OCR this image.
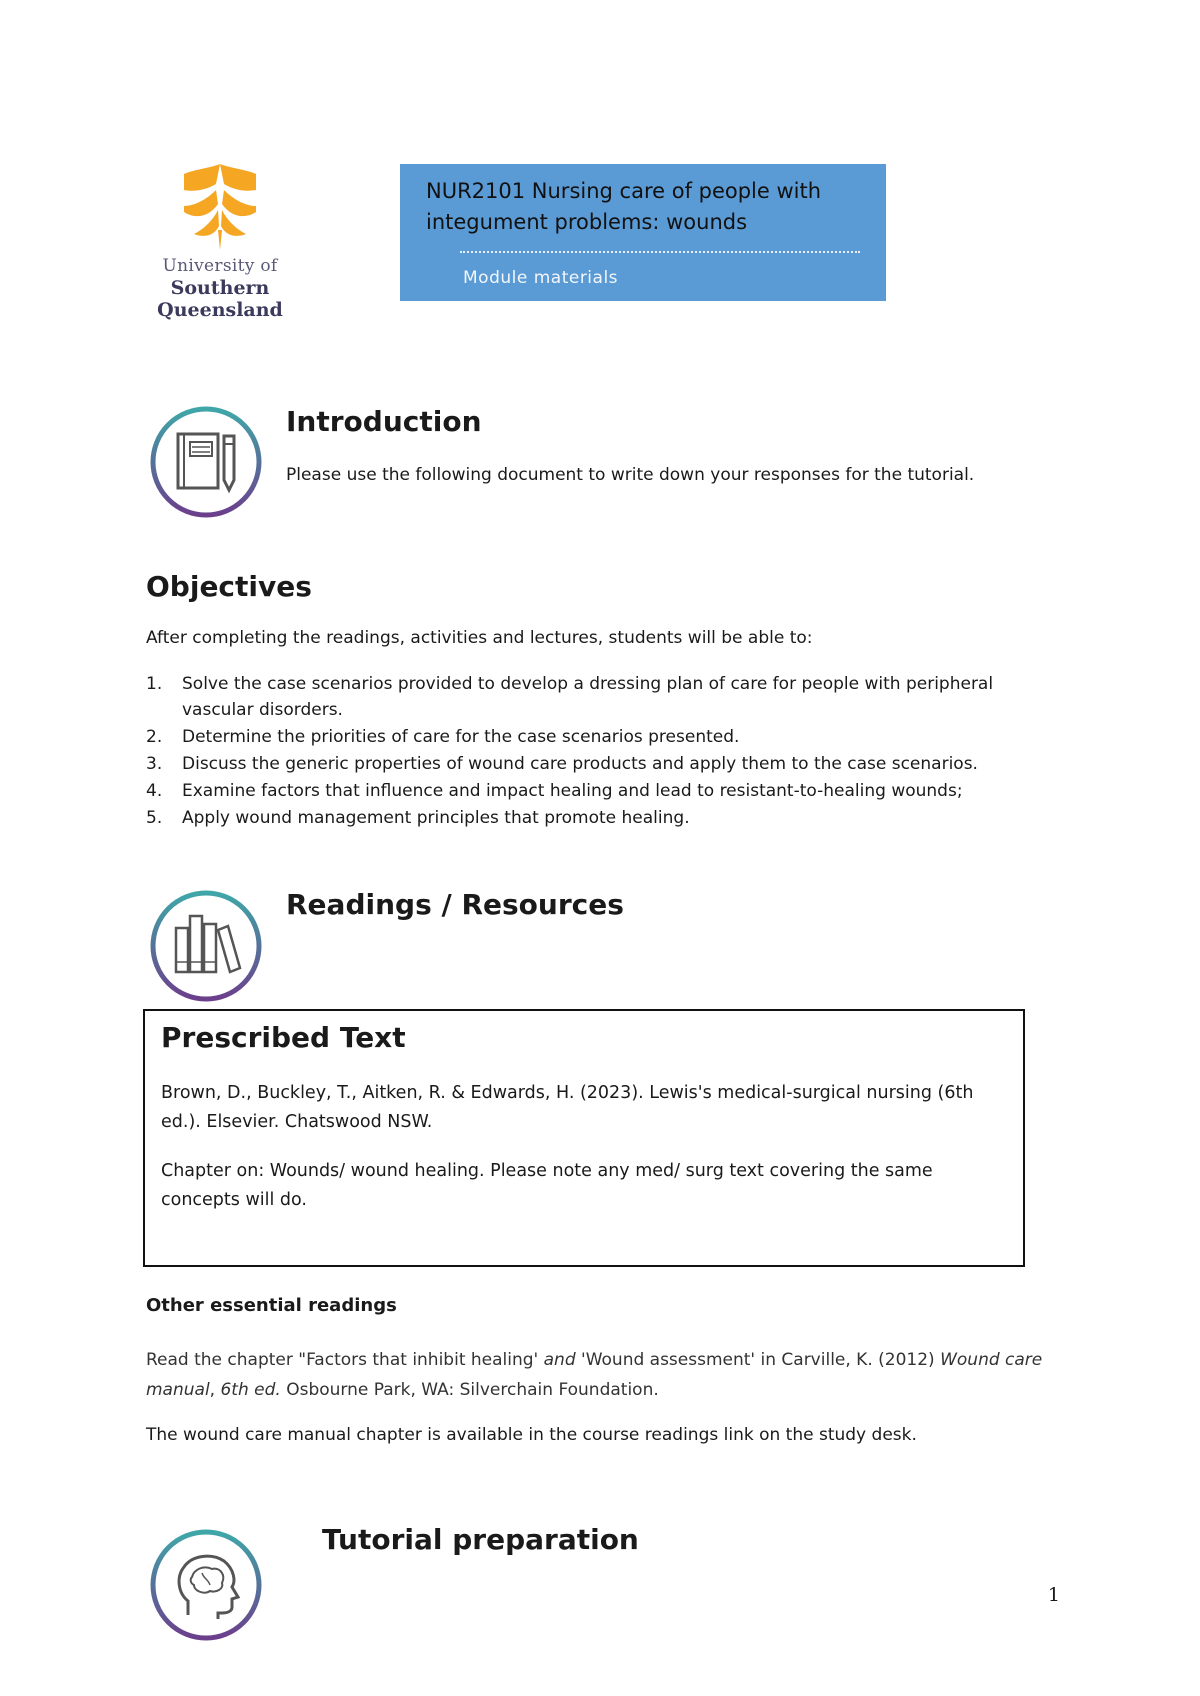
University of
Southern
Queensland
NUR2101 Nursing care of people with integument problems: wounds
Module materials
Introduction
Please use the following document to write down your responses for the tutorial.
Objectives
After completing the readings, activities and lectures, students will be able to:
1. Solve the case scenarios provided to develop a dressing plan of care for people with peripheral vascular disorders.
2. Determine the priorities of care for the case scenarios presented.
3. Discuss the generic properties of wound care products and apply them to the case scenarios.
4. Examine factors that influence and impact healing and lead to resistant-to-healing wounds;
5. Apply wound management principles that promote healing.
Readings / Resources
Prescribed Text
Brown, D., Buckley, T., Aitken, R. & Edwards, H. (2023). Lewis's medical-surgical nursing (6th ed.). Elsevier. Chatswood NSW.
Chapter on: Wounds/ wound healing. Please note any med/ surg text covering the same concepts will do.
Other essential readings
Read the chapter "Factors that inhibit healing' and 'Wound assessment' in Carville, K. (2012) Wound care manual, 6th ed. Osbourne Park, WA: Silverchain Foundation.
The wound care manual chapter is available in the course readings link on the study desk.
Tutorial preparation
1
